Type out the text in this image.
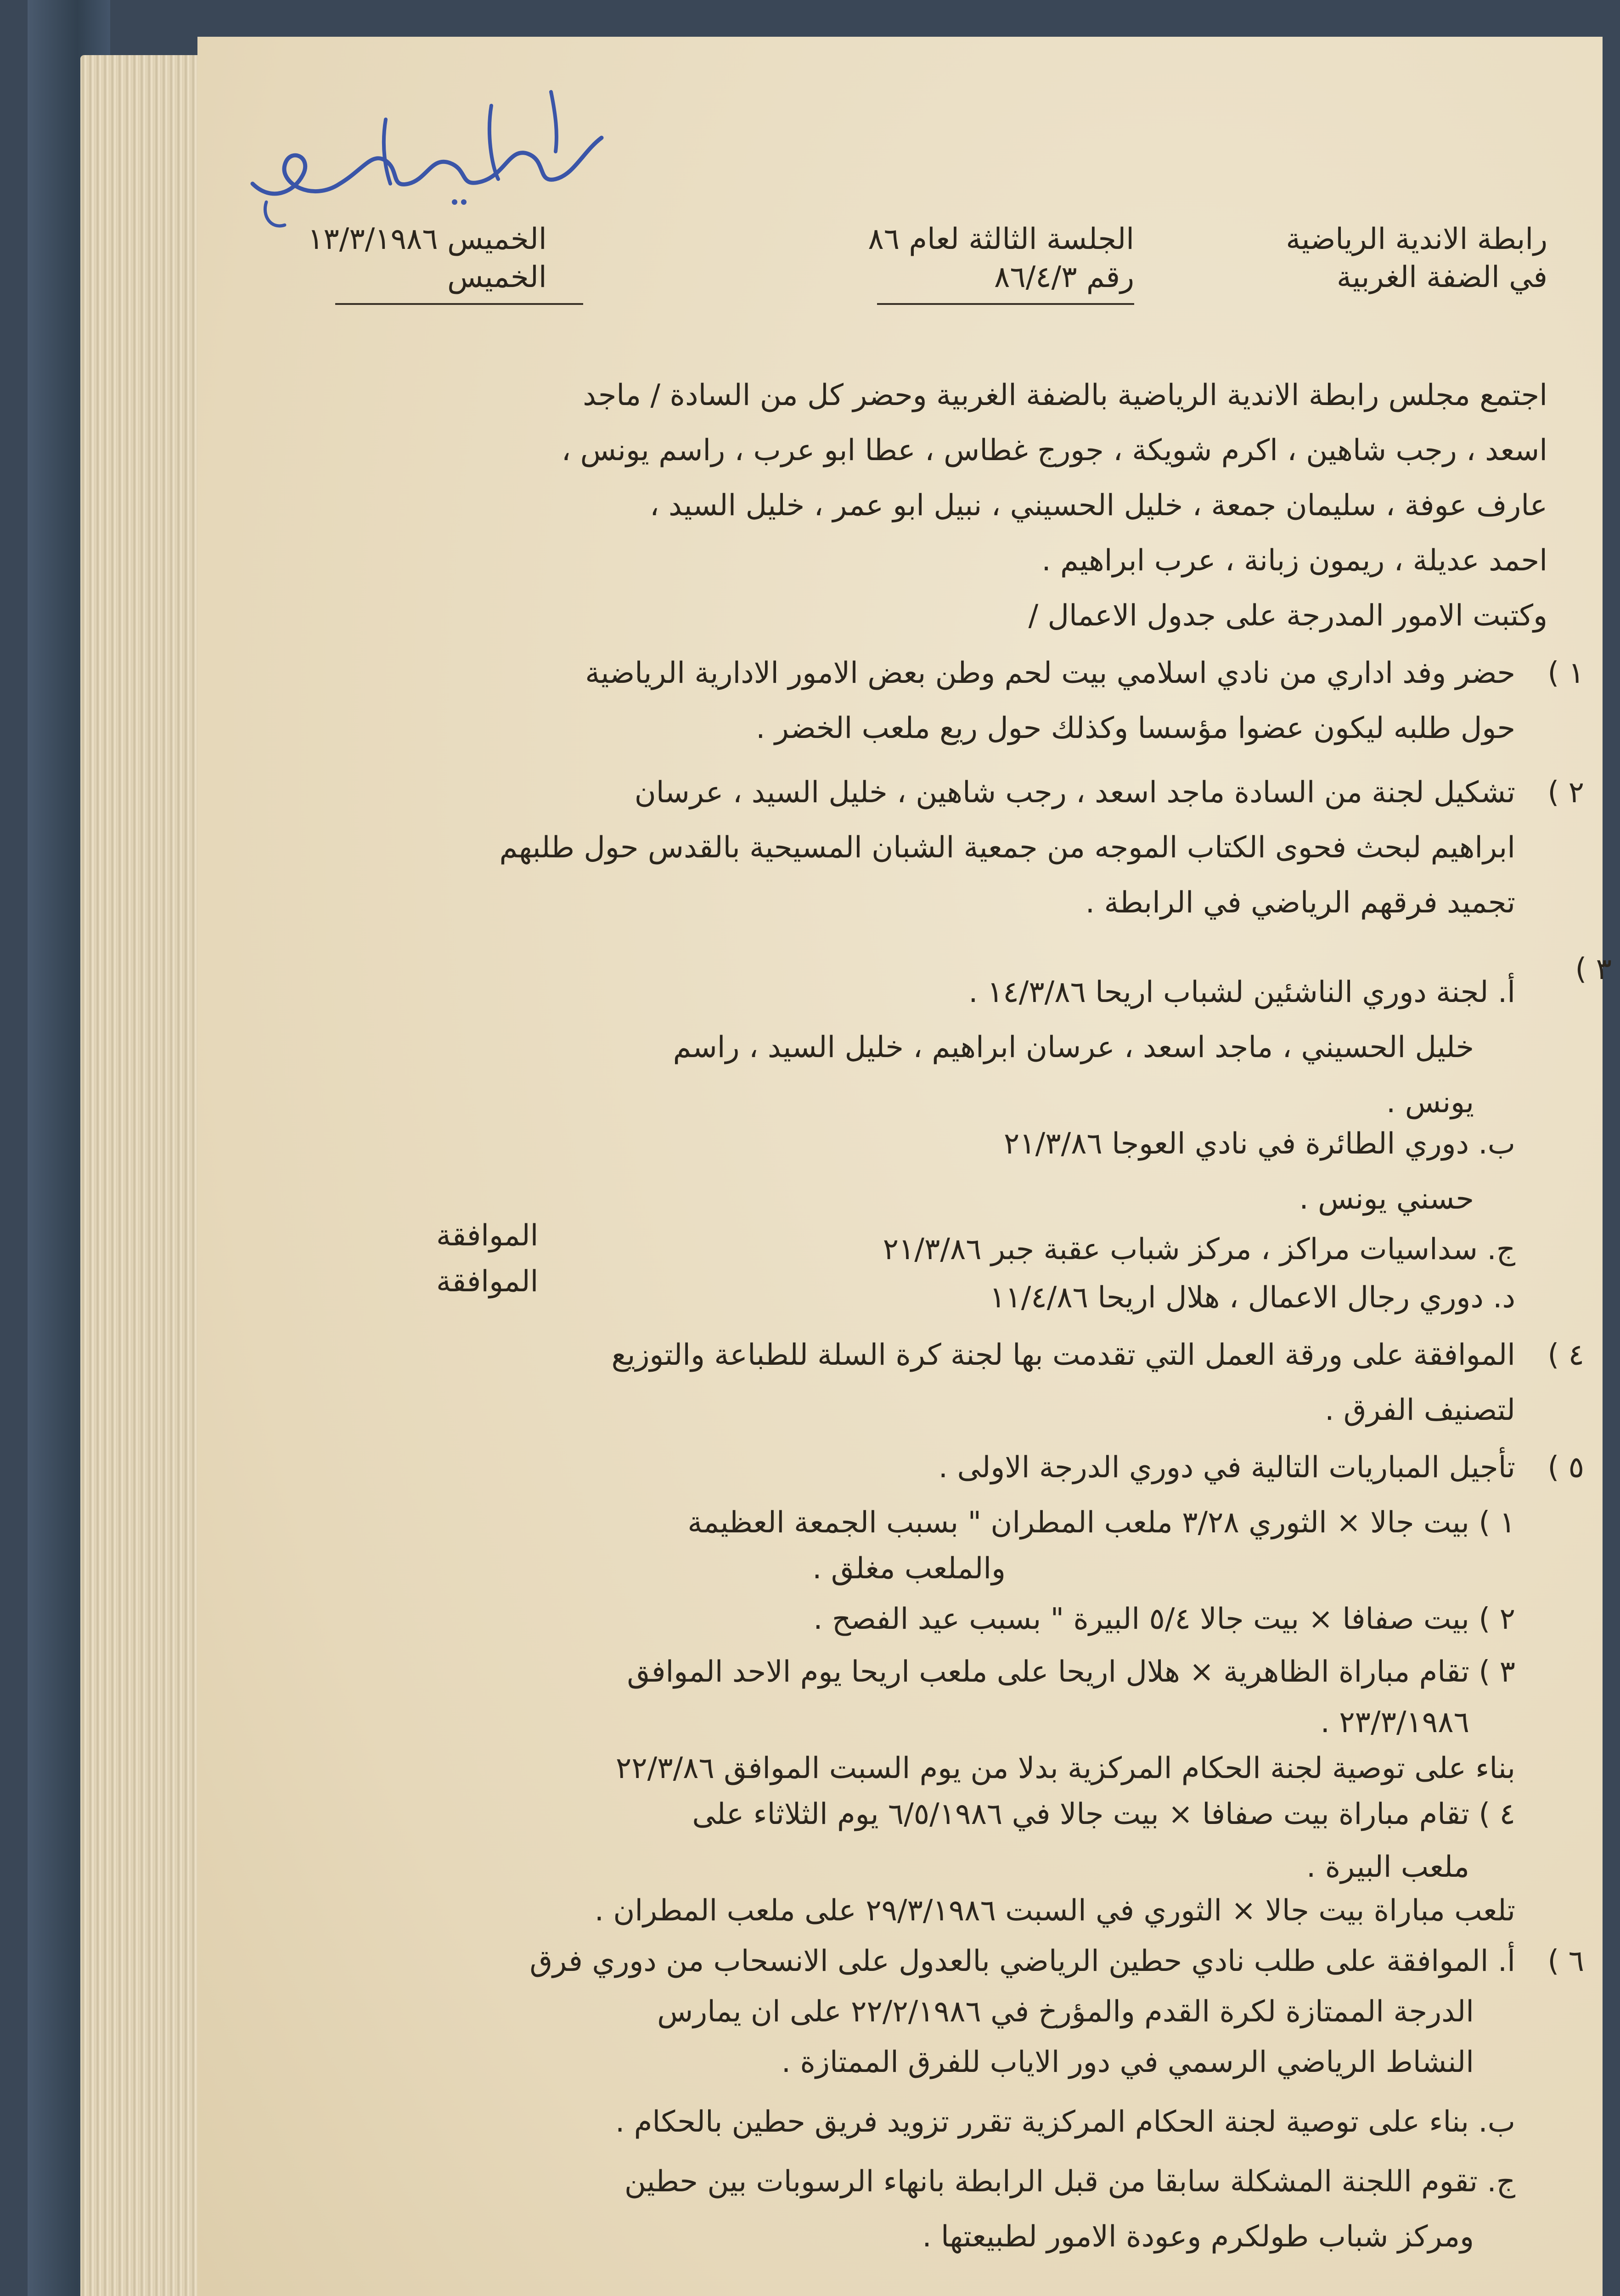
رابطة الاندية الرياضية
في الضفة الغربية
الجلسة الثالثة لعام ٨٦
رقم ٨٦/٤/٣
الخميس ١٣/٣/١٩٨٦
الخميس
اجتمع مجلس رابطة الاندية الرياضية بالضفة الغربية وحضر كل من السادة / ماجد
اسعد ، رجب شاهين ، اكرم شويكة ، جورج غطاس ، عطا ابو عرب ، راسم يونس ،
عارف عوفة ، سليمان جمعة ، خليل الحسيني ، نبيل ابو عمر ، خليل السيد ،
احمد عديلة ، ريمون زبانة ، عرب ابراهيم .
وكتبت الامور المدرجة على جدول الاعمال /
١ )
حضر وفد اداري من نادي اسلامي بيت لحم وطن بعض الامور الادارية الرياضية
حول طلبه ليكون عضوا مؤسسا وكذلك حول ريع ملعب الخضر .
٢ )
تشكيل لجنة من السادة ماجد اسعد ، رجب شاهين ، خليل السيد ، عرسان
ابراهيم لبحث فحوى الكتاب الموجه من جمعية الشبان المسيحية بالقدس حول طلبهم
تجميد فرقهم الرياضي في الرابطة .
٣ )
أ. لجنة دوري الناشئين لشباب اريحا ١٤/٣/٨٦ .
خليل الحسيني ، ماجد اسعد ، عرسان ابراهيم ، خليل السيد ، راسم
يونس .
ب. دوري الطائرة في نادي العوجا ٢١/٣/٨٦
حسني يونس .
ج. سداسيات مراكز ، مركز شباب عقبة جبر ٢١/٣/٨٦
الموافقة
د. دوري رجال الاعمال ، هلال اريحا ١١/٤/٨٦
الموافقة
٤ )
الموافقة على ورقة العمل التي تقدمت بها لجنة كرة السلة للطباعة والتوزيع
لتصنيف الفرق .
٥ )
تأجيل المباريات التالية في دوري الدرجة الاولى .
١ ) بيت جالا × الثوري ٣/٢٨ ملعب المطران " بسبب الجمعة العظيمة
والملعب مغلق .
٢ ) بيت صفافا × بيت جالا ٥/٤ البيرة " بسبب عيد الفصح .
٣ ) تقام مباراة الظاهرية × هلال اريحا على ملعب اريحا يوم الاحد الموافق
٢٣/٣/١٩٨٦ .
بناء على توصية لجنة الحكام المركزية بدلا من يوم السبت الموافق ٢٢/٣/٨٦
٤ ) تقام مباراة بيت صفافا × بيت جالا في ٦/٥/١٩٨٦ يوم الثلاثاء على
ملعب البيرة .
تلعب مباراة بيت جالا × الثوري في السبت ٢٩/٣/١٩٨٦ على ملعب المطران .
٦ )
أ. الموافقة على طلب نادي حطين الرياضي بالعدول على الانسحاب من دوري فرق
الدرجة الممتازة لكرة القدم والمؤرخ في ٢٢/٢/١٩٨٦ على ان يمارس
النشاط الرياضي الرسمي في دور الاياب للفرق الممتازة .
ب. بناء على توصية لجنة الحكام المركزية تقرر تزويد فريق حطين بالحكام .
ج. تقوم اللجنة المشكلة سابقا من قبل الرابطة بانهاء الرسوبات بين حطين
ومركز شباب طولكرم وعودة الامور لطبيعتها .
